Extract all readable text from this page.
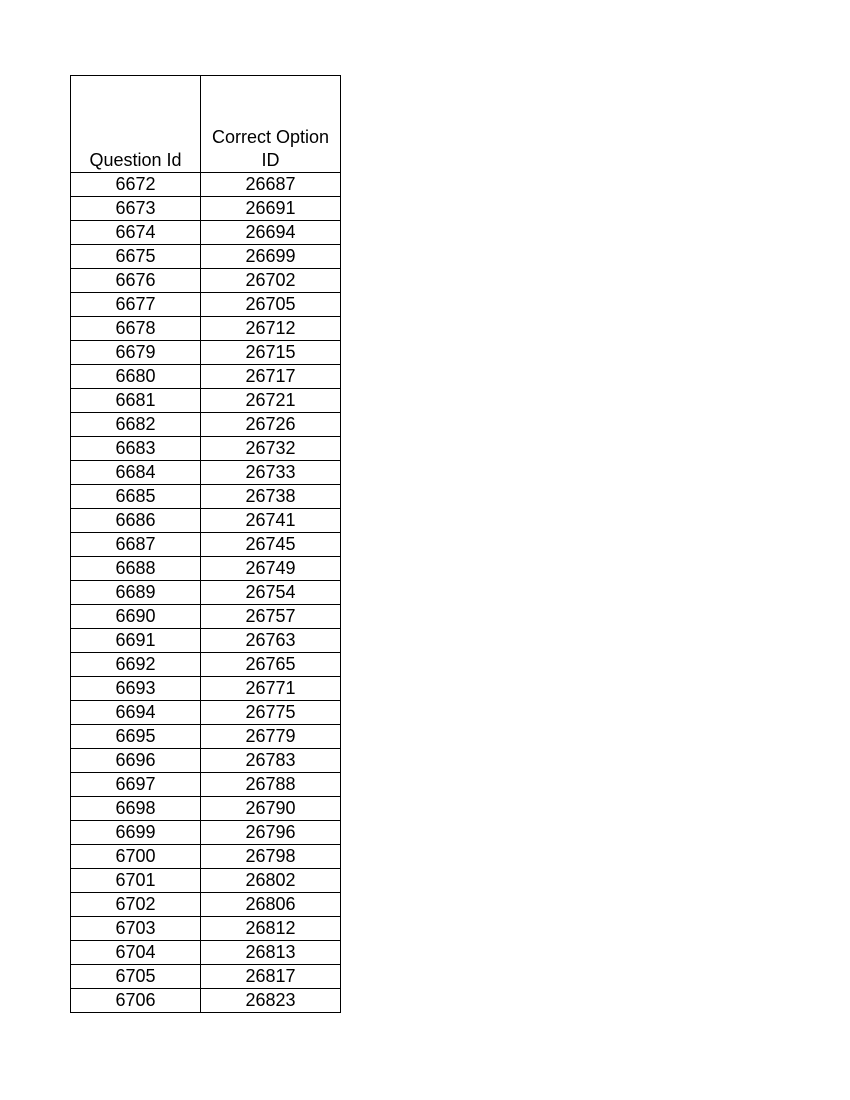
Question Id	Correct Option
ID

6672	26687
6673	26691
6674	26694
6675	26699
6676	26702
6677	26705
6678	26712
6679	26715
6680	26717
6681	26721
6682	26726
6683	26732
6684	26733
6685	26738
6686	26741
6687	26745
6688	26749
6689	26754
6690	26757
6691	26763
6692	26765
6693	26771
6694	26775
6695	26779
6696	26783
6697	26788
6698	26790
6699	26796
6700	26798
6701	26802
6702	26806
6703	26812
6704	26813
6705	26817
6706	26823
